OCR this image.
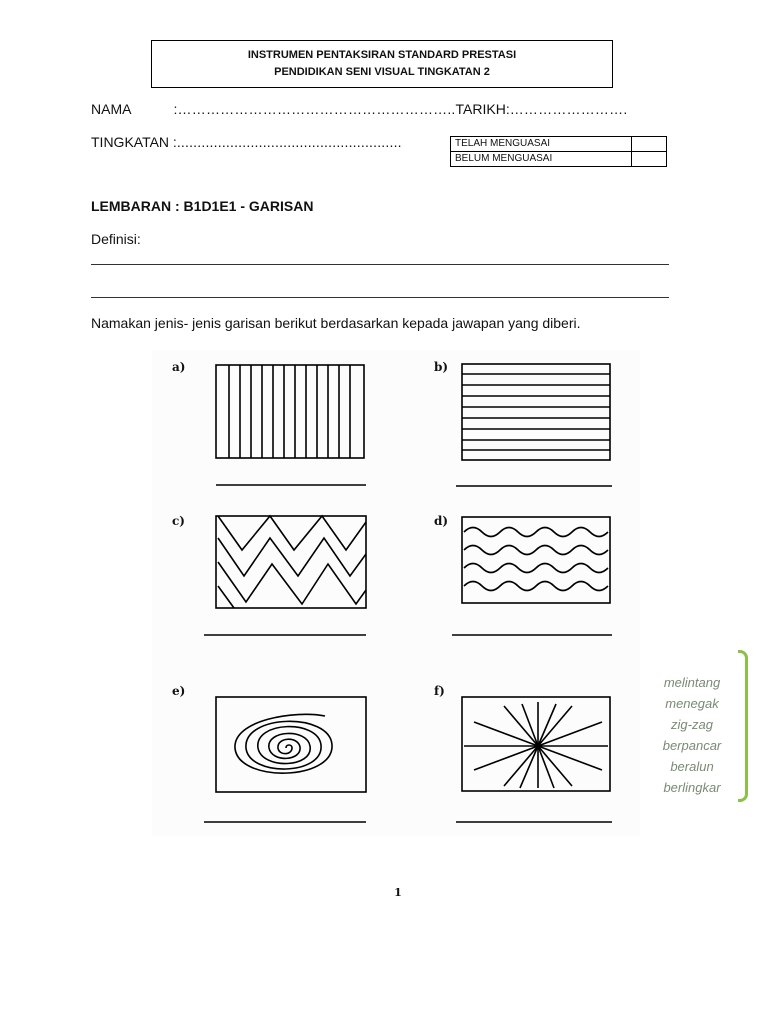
INSTRUMEN PENTAKSIRAN STANDARD PRESTASI
PENDIDIKAN SENI VISUAL TINGKATAN 2
NAMA	:…………………………………………………..TARIKH:…………………….
TINGKATAN :.......................................................	TELAH MENGUASAI	
BELUM MENGUASAI	
LEMBARAN : B1D1E1 - GARISAN
Definisi:
Namakan jenis- jenis garisan berikut berdasarkan kepada jawapan yang diberi.
a)	b)
c)	d)
e)	f)
melintang
menegak
zig-zag
berpancar
beralun
berlingkar
1
